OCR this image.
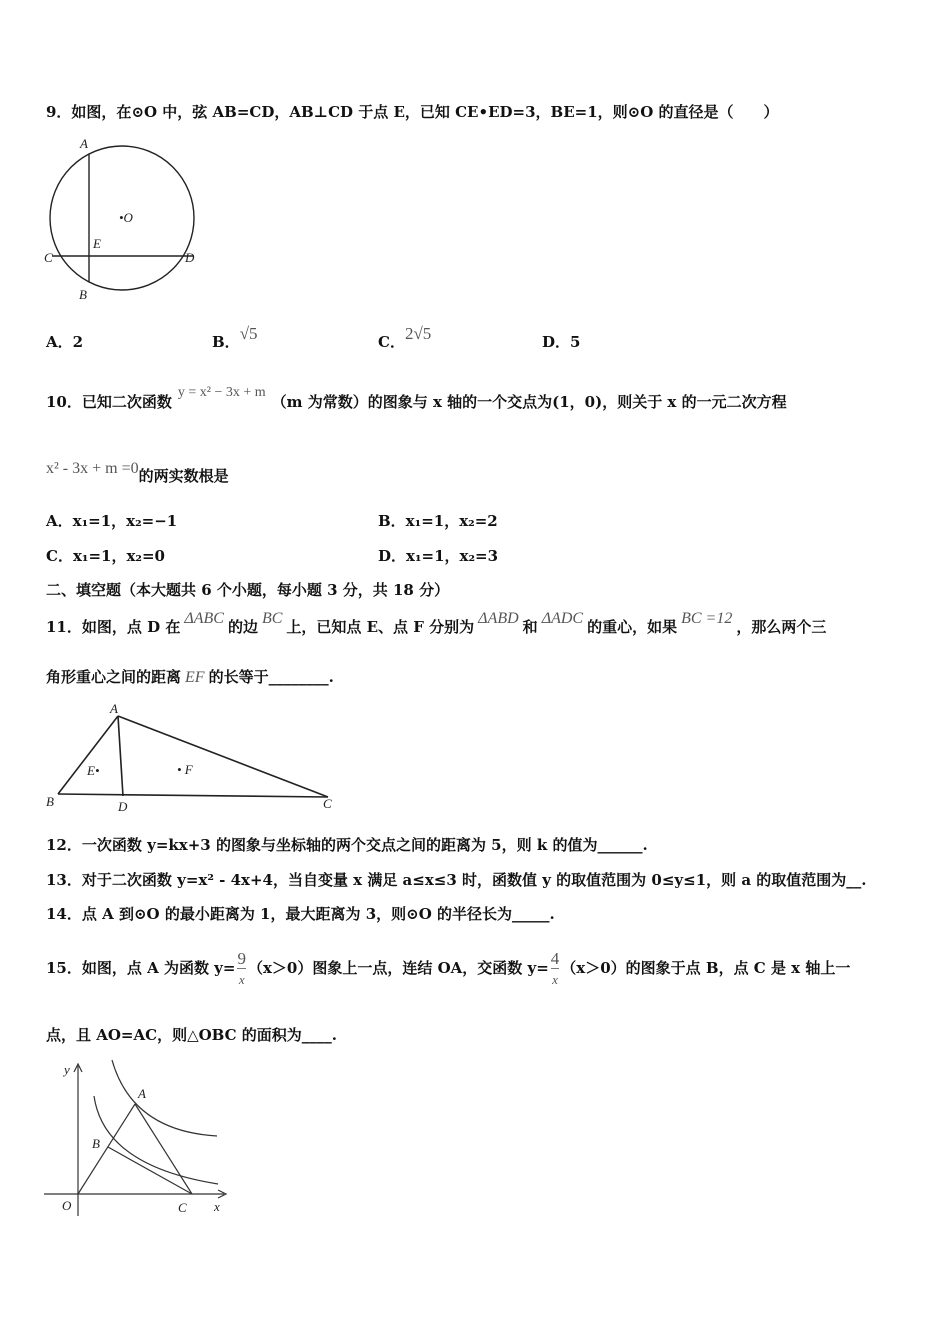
9．如图，在⊙O 中，弦 AB=CD，AB⊥CD 于点 E，已知 CE•ED=3，BE=1，则⊙O 的直径是（　　）
A
B
C	D
E
•O
A．2	B．√5	C．2√5	D．5
10．已知二次函数y = x² − 3x + m（m 为常数）的图象与 x 轴的一个交点为(1，0)，则关于 x 的一元二次方程
x² - 3x + m =0的两实数根是
A．x₁=1，x₂=−1	B．x₁=1，x₂=2
C．x₁=1，x₂=0	D．x₁=1，x₂=3
二、填空题（本大题共 6 个小题，每小题 3 分，共 18 分）
11．如图，点 D 在 ΔABC 的边 BC 上，已知点 E、点 F 分别为 ΔABD 和 ΔADC 的重心，如果 BC =12 ，那么两个三
角形重心之间的距离 EF 的长等于________.
A
B	C
D
E•	• F
12．一次函数 y=kx+3 的图象与坐标轴的两个交点之间的距离为 5，则 k 的值为______.
13．对于二次函数 y=x² - 4x+4，当自变量 x 满足 a≤x≤3 时，函数值 y 的取值范围为 0≤y≤1，则 a 的取值范围为__.
14．点 A 到⊙O 的最小距离为 1，最大距离为 3，则⊙O 的半径长为_____.
15．如图，点 A 为函数 $y= \frac{9}{x} (x>0)$图象上一点，连结 OA，交函数 $y= \frac{4}{x} (x>0)$的图象于点 B，点 C 是 x 轴上一
点，且 AO=AC，则△OBC 的面积为____.
y
x
O
A
B
C
